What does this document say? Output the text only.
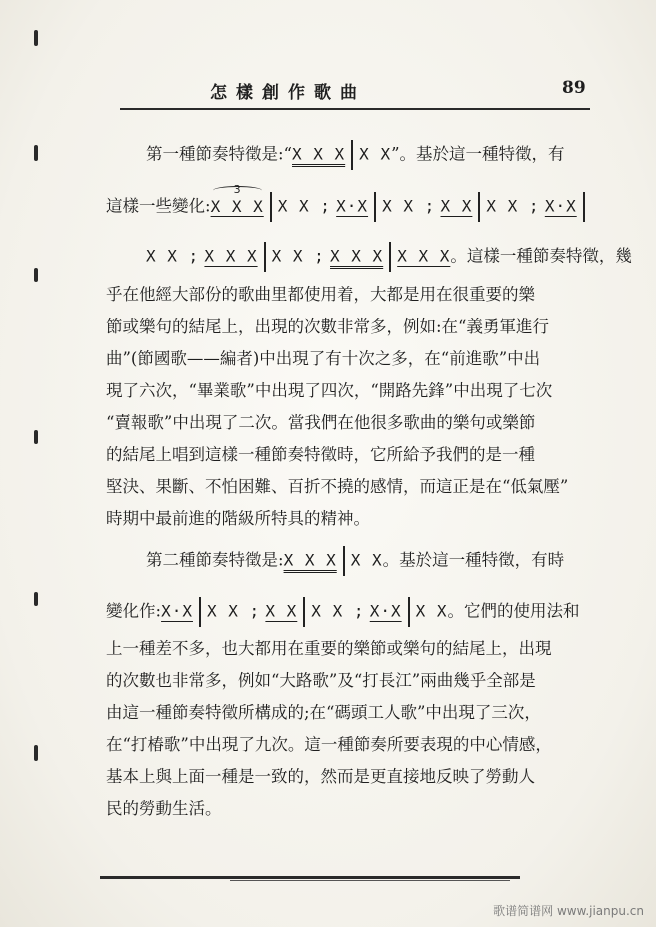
怎樣創作歌曲	89
第一種節奏特徵是:“X X X X X”。基於這一種特徵，有
這樣一些變化:
3
X X X X X ; X·X X X ; X X X X ; X·X
X X ; X X X X X ; X X X X X X。這樣一種節奏特徵，幾
乎在他經大部份的歌曲里都使用着，大都是用在很重要的樂
節或樂句的結尾上，出現的次數非常多，例如:在“義勇軍進行
曲”(節國歌——編者)中出現了有十次之多，在“前進歌”中出
現了六次，“畢業歌”中出現了四次，“開路先鋒”中出現了七次
“賣報歌”中出現了二次。當我們在他很多歌曲的樂句或樂節
的結尾上唱到這樣一種節奏特徵時，它所給予我們的是一種
堅決、果斷、不怕困難、百折不撓的感情，而這正是在“低氣壓”
時期中最前進的階級所特具的精神。
第二種節奏特徵是:X X X X X。基於這一種特徵，有時
變化作:X·X X X ; X X X X ; X·X X X。它們的使用法和
上一種差不多，也大都用在重要的樂節或樂句的結尾上，出現
的次數也非常多，例如“大路歌”及“打長江”兩曲幾乎全部是
由這一種節奏特徵所構成的;在“碼頭工人歌”中出現了三次，
在“打椿歌”中出現了九次。這一種節奏所要表現的中心情感，
基本上與上面一種是一致的，然而是更直接地反映了勞動人
民的勞動生活。
歌谱简谱网 www.jianpu.cn
